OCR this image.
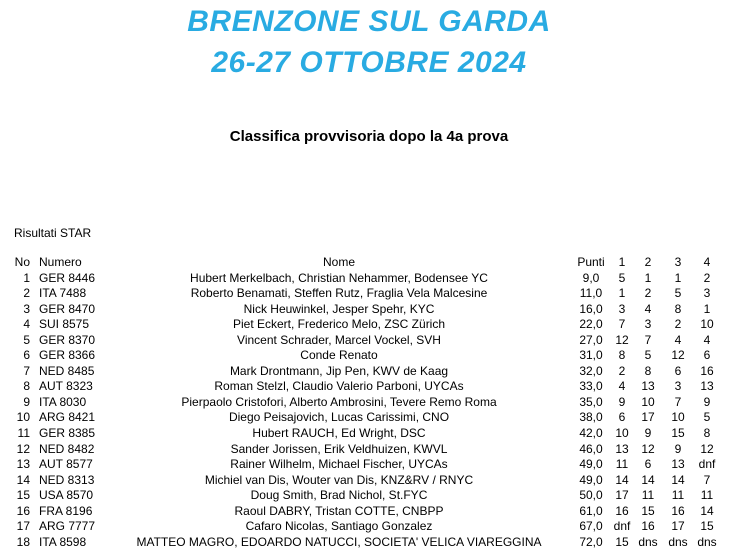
BRENZONE SUL GARDA
26-27 OTTOBRE 2024
Classifica provvisoria dopo la 4a prova
Risultati STAR
No	Numero	Nome	Punti	1	2	3	4
1	GER 8446	Hubert Merkelbach, Christian Nehammer, Bodensee YC	9,0	5	1	1	2
2	ITA 7488	Roberto Benamati, Steffen Rutz, Fraglia Vela Malcesine	11,0	1	2	5	3
3	GER 8470	Nick Heuwinkel, Jesper Spehr, KYC	16,0	3	4	8	1
4	SUI 8575	Piet Eckert, Frederico Melo, ZSC Zürich	22,0	7	3	2	10
5	GER 8370	Vincent Schrader, Marcel Vockel, SVH	27,0	12	7	4	4
6	GER 8366	Conde Renato	31,0	8	5	12	6
7	NED 8485	Mark Drontmann, Jip Pen, KWV de Kaag	32,0	2	8	6	16
8	AUT 8323	Roman Stelzl, Claudio Valerio Parboni, UYCAs	33,0	4	13	3	13
9	ITA 8030	Pierpaolo Cristofori, Alberto Ambrosini, Tevere Remo Roma	35,0	9	10	7	9
10	ARG 8421	Diego Peisajovich, Lucas Carissimi, CNO	38,0	6	17	10	5
11	GER 8385	Hubert RAUCH, Ed Wright, DSC	42,0	10	9	15	8
12	NED 8482	Sander Jorissen, Erik Veldhuizen, KWVL	46,0	13	12	9	12
13	AUT 8577	Rainer Wilhelm, Michael Fischer, UYCAs	49,0	11	6	13	dnf
14	NED 8313	Michiel van Dis, Wouter van Dis, KNZ&RV / RNYC	49,0	14	14	14	7
15	USA 8570	Doug Smith, Brad Nichol, St.FYC	50,0	17	11	11	11
16	FRA 8196	Raoul DABRY, Tristan COTTE, CNBPP	61,0	16	15	16	14
17	ARG 7777	Cafaro Nicolas, Santiago Gonzalez	67,0	dnf	16	17	15
18	ITA 8598	MATTEO MAGRO, EDOARDO NATUCCI, SOCIETA' VELICA VIAREGGINA	72,0	15	dns	dns	dns
